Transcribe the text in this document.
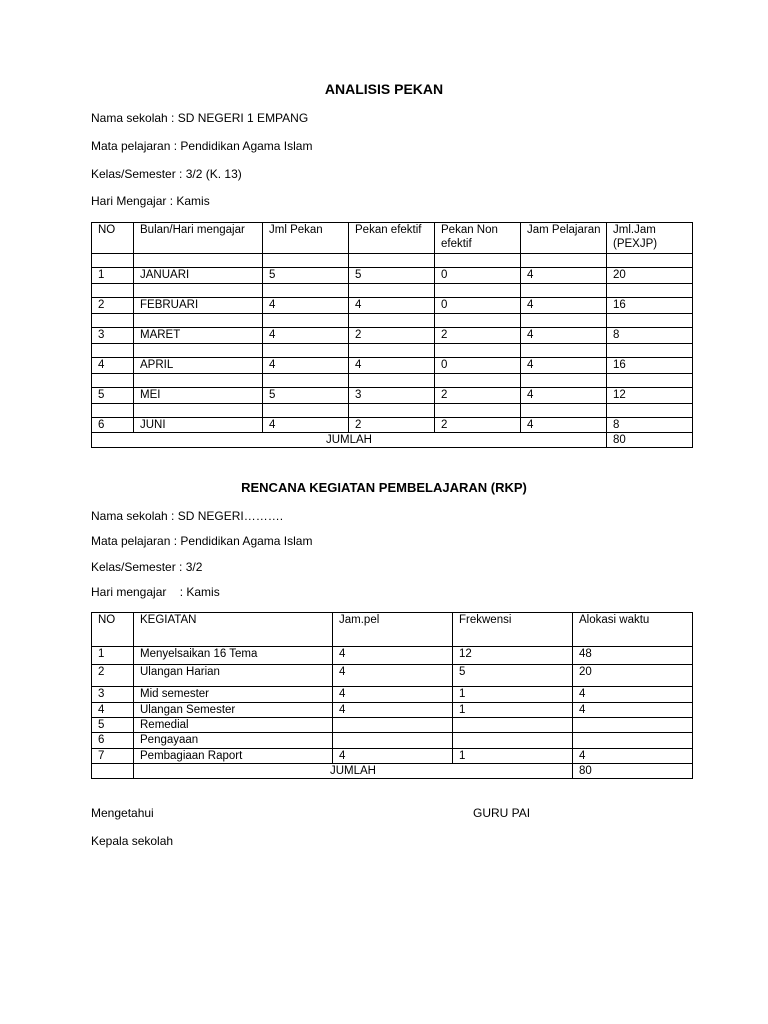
ANALISIS PEKAN
Nama sekolah : SD NEGERI 1 EMPANG
Mata pelajaran : Pendidikan Agama Islam
Kelas/Semester : 3/2 (K. 13)
Hari Mengajar : Kamis
NO	Bulan/Hari mengajar	Jml Pekan	Pekan efektif	Pekan Non efektif	Jam Pelajaran	Jml.Jam (PEXJP)

1	JANUARI	5	5	0	4	20

2	FEBRUARI	4	4	0	4	16

3	MARET	4	2	2	4	8

4	APRIL	4	4	0	4	16

5	MEI	5	3	2	4	12

6	JUNI	4	2	2	4	8
JUMLAH						80
RENCANA KEGIATAN PEMBELAJARAN (RKP)
Nama sekolah : SD NEGERI……….
Mata pelajaran : Pendidikan Agama Islam
Kelas/Semester : 3/2
Hari mengajar    : Kamis
NO	KEGIATAN	Jam.pel	Frekwensi	Alokasi waktu
1	Menyelsaikan 16 Tema	4	12	48
2	Ulangan Harian	4	5	20
3	Mid semester	4	1	4
4	Ulangan Semester	4	1	4
5	Remedial			
6	Pengayaan			
7	Pembagiaan Raport	4	1	4
	JUMLAH			80
Mengetahui	GURU PAI
Kepala sekolah
